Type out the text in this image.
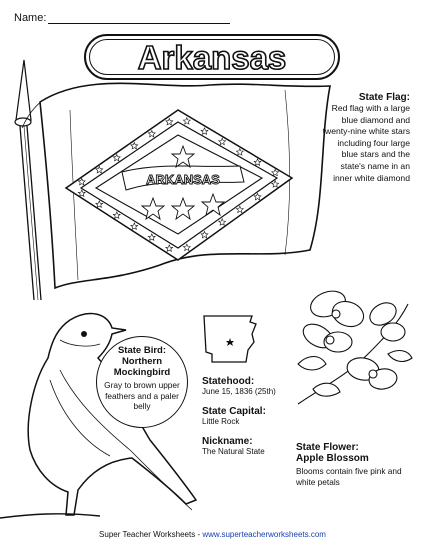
Name:
Arkansas
ARKANSAS
State Flag:
Red flag with a large blue diamond and twenty-nine white stars including four large blue stars and the state's name in an inner white diamond
State Bird:
Northern
Mockingbird
Gray to brown upper feathers and a paler belly
Statehood:
June 15, 1836 (25th)
State Capital:
Little Rock
Nickname:
The Natural State	State Flower:
Apple Blossom
Blooms contain five pink and white petals
Super Teacher Worksheets - www.superteacherworksheets.com
